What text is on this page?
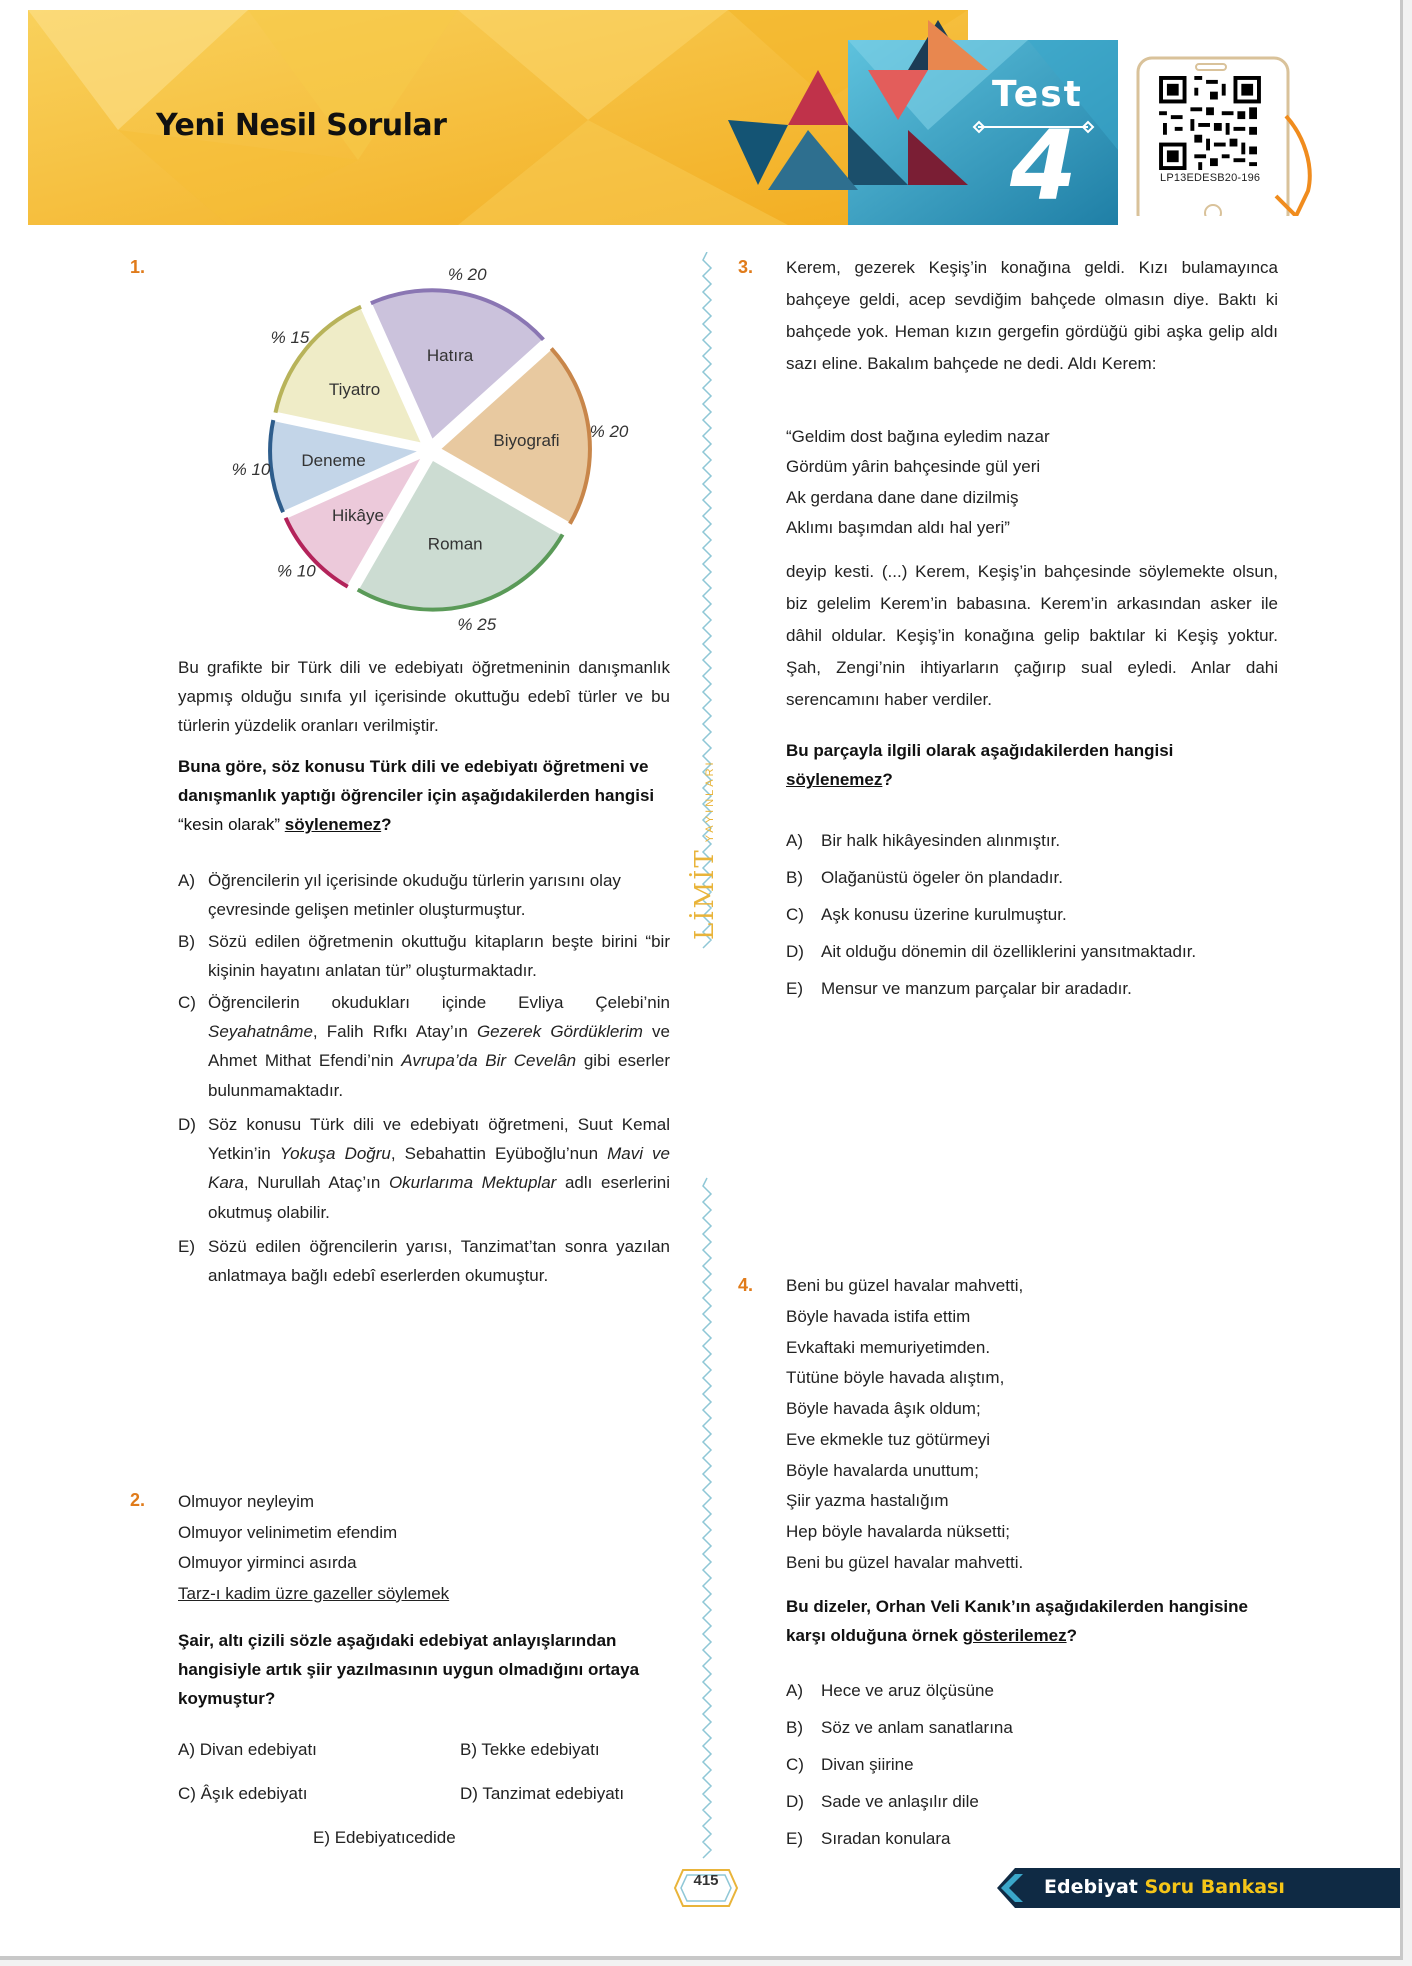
Yeni Nesil Sorular
Test
4	LP13EDESB20-196
LİMİTYAYINLARI
1.
Hatıra
% 20
Biyografi % 20
Roman
% 25
Hikâye
% 10
Deneme
% 10
Tiyatro
% 15
Bu grafikte bir Türk dili ve edebiyatı öğretmeninin danışmanlık yapmış olduğu sınıfa yıl içerisinde okuttuğu edebî türler ve bu türlerin yüzdelik oranları verilmiştir.
Buna göre, söz konusu Türk dili ve edebiyatı öğretmeni ve danışmanlık yaptığı öğrenciler için aşağıdakilerden hangisi “kesin olarak” söylenemez?
A) Öğrencilerin yıl içerisinde okuduğu türlerin yarısını olay çevresinde gelişen metinler oluşturmuştur.
B) Sözü edilen öğretmenin okuttuğu kitapların beşte birini “bir kişinin hayatını anlatan tür” oluşturmaktadır.
C) Öğrencilerin okudukları içinde Evliya Çelebi’nin Seyahatnâme, Falih Rıfkı Atay’ın Gezerek Gördüklerim ve Ahmet Mithat Efendi’nin Avrupa’da Bir Cevelân gibi eserler bulunmamaktadır.
D) Söz konusu Türk dili ve edebiyatı öğretmeni, Suut Kemal Yetkin’in Yokuşa Doğru, Sebahattin Eyüboğlu’nun Mavi ve Kara, Nurullah Ataç’ın Okurlarıma Mektuplar adlı eserlerini okutmuş olabilir.
E) Sözü edilen öğrencilerin yarısı, Tanzimat’tan sonra yazılan anlatmaya bağlı edebî eserlerden okumuştur.
2. Olmuyor neyleyim
Olmuyor velinimetim efendim
Olmuyor yirminci asırda
Tarz-ı kadim üzre gazeller söylemek
Şair, altı çizili sözle aşağıdaki edebiyat anlayışlarından hangisiyle artık şiir yazılmasının uygun olmadığını ortaya koymuştur?
A) Divan edebiyatı	B) Tekke edebiyatı
C) Âşık edebiyatı	D) Tanzimat edebiyatı
E) Edebiyatıcedide
3. Kerem, gezerek Keşiş’in konağına geldi. Kızı bulamayınca bahçeye geldi, acep sevdiğim bahçede olmasın diye. Baktı ki bahçede yok. Heman kızın gergefin gördüğü gibi aşka gelip aldı sazı eline. Bakalım bahçede ne dedi. Aldı Kerem:
“Geldim dost bağına eyledim nazar
Gördüm yârin bahçesinde gül yeri
Ak gerdana dane dane dizilmiş
Aklımı başımdan aldı hal yeri”
deyip kesti. (...) Kerem, Keşiş’in bahçesinde söylemekte olsun, biz gelelim Kerem’in babasına. Kerem’in arkasından asker ile dâhil oldular. Keşiş’in konağına gelip baktılar ki Keşiş yoktur. Şah, Zengi’nin ihtiyarların çağırıp sual eyledi. Anlar dahi serencamını haber verdiler.
Bu parçayla ilgili olarak aşağıdakilerden hangisi söylenemez?
A) Bir halk hikâyesinden alınmıştır.
B) Olağanüstü ögeler ön plandadır.
C) Aşk konusu üzerine kurulmuştur.
D) Ait olduğu dönemin dil özelliklerini yansıtmaktadır.
E) Mensur ve manzum parçalar bir aradadır.
4. Beni bu güzel havalar mahvetti,
Böyle havada istifa ettim
Evkaftaki memuriyetimden.
Tütüne böyle havada alıştım,
Böyle havada âşık oldum;
Eve ekmekle tuz götürmeyi
Böyle havalarda unuttum;
Şiir yazma hastalığım
Hep böyle havalarda nüksetti;
Beni bu güzel havalar mahvetti.
Bu dizeler, Orhan Veli Kanık’ın aşağıdakilerden hangisine karşı olduğuna örnek gösterilemez?
A) Hece ve aruz ölçüsüne
B) Söz ve anlam sanatlarına
C) Divan şiirine
D) Sade ve anlaşılır dile
E) Sıradan konulara
415	Edebiyat Soru Bankası
